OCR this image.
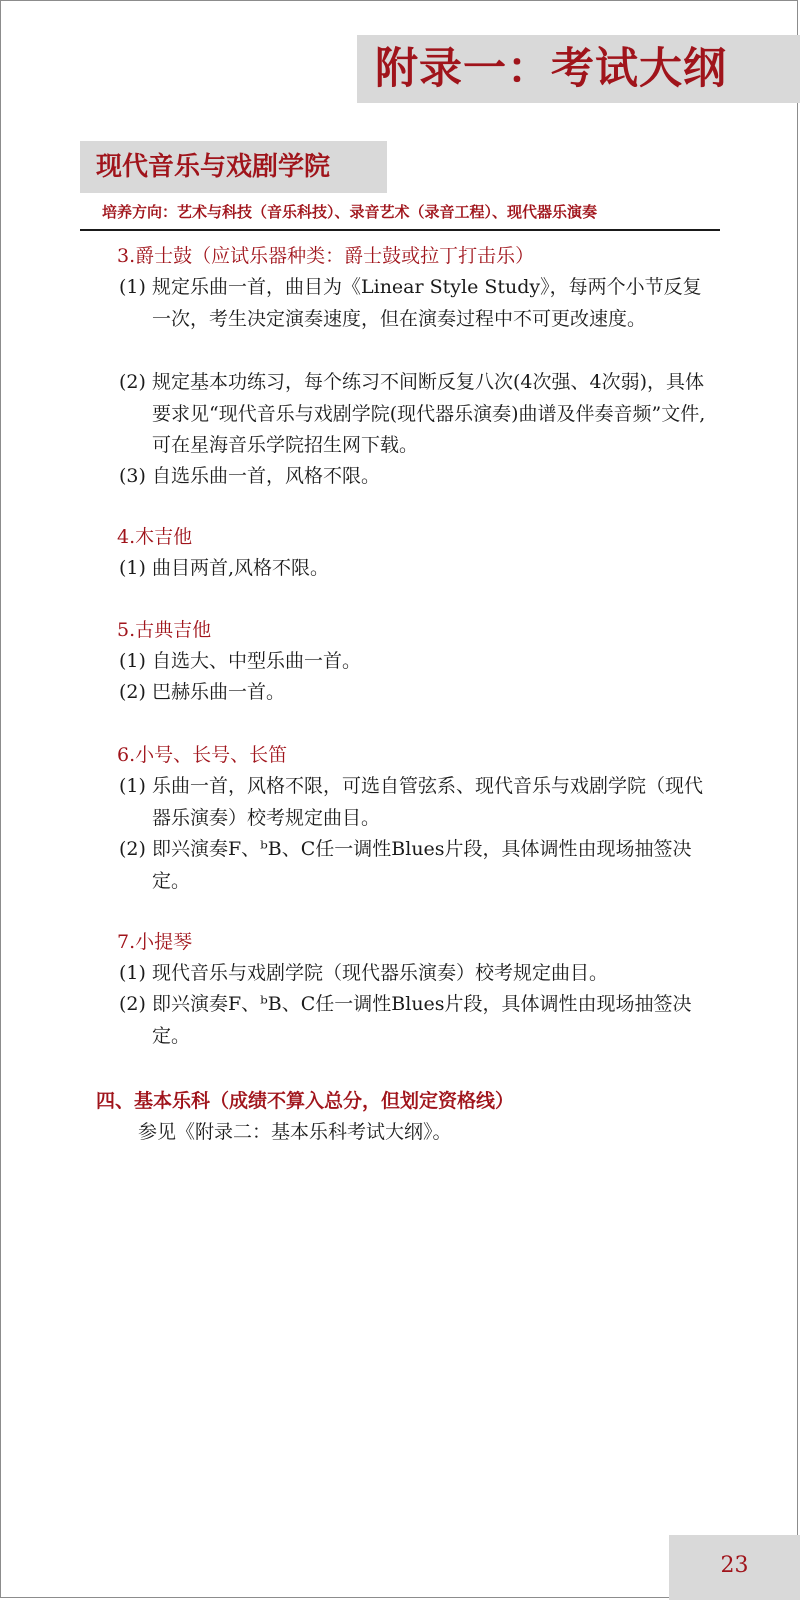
附录一：考试大纲
现代音乐与戏剧学院
培养方向：艺术与科技（音乐科技）、录音艺术（录音工程）、现代器乐演奏
3.爵士鼓（应试乐器种类：爵士鼓或拉丁打击乐）
(1) 规定乐曲一首，曲目为《Linear Style Study》，每两个小节反复一次，考生决定演奏速度，但在演奏过程中不可更改速度。
(2) 规定基本功练习，每个练习不间断反复八次(4次强、4次弱)，具体要求见“现代音乐与戏剧学院(现代器乐演奏)曲谱及伴奏音频”文件,可在星海音乐学院招生网下载。
(3) 自选乐曲一首，风格不限。
4.木吉他
(1) 曲目两首,风格不限。
5.古典吉他
(1) 自选大、中型乐曲一首。
(2) 巴赫乐曲一首。
6.小号、长号、长笛
(1) 乐曲一首，风格不限，可选自管弦系、现代音乐与戏剧学院（现代器乐演奏）校考规定曲目。
(2) 即兴演奏F、ᵇB、C任一调性Blues片段，具体调性由现场抽签决定。
7.小提琴
(1) 现代音乐与戏剧学院（现代器乐演奏）校考规定曲目。
(2) 即兴演奏F、ᵇB、C任一调性Blues片段，具体调性由现场抽签决定。
四、基本乐科（成绩不算入总分，但划定资格线）
参见《附录二：基本乐科考试大纲》。
23
